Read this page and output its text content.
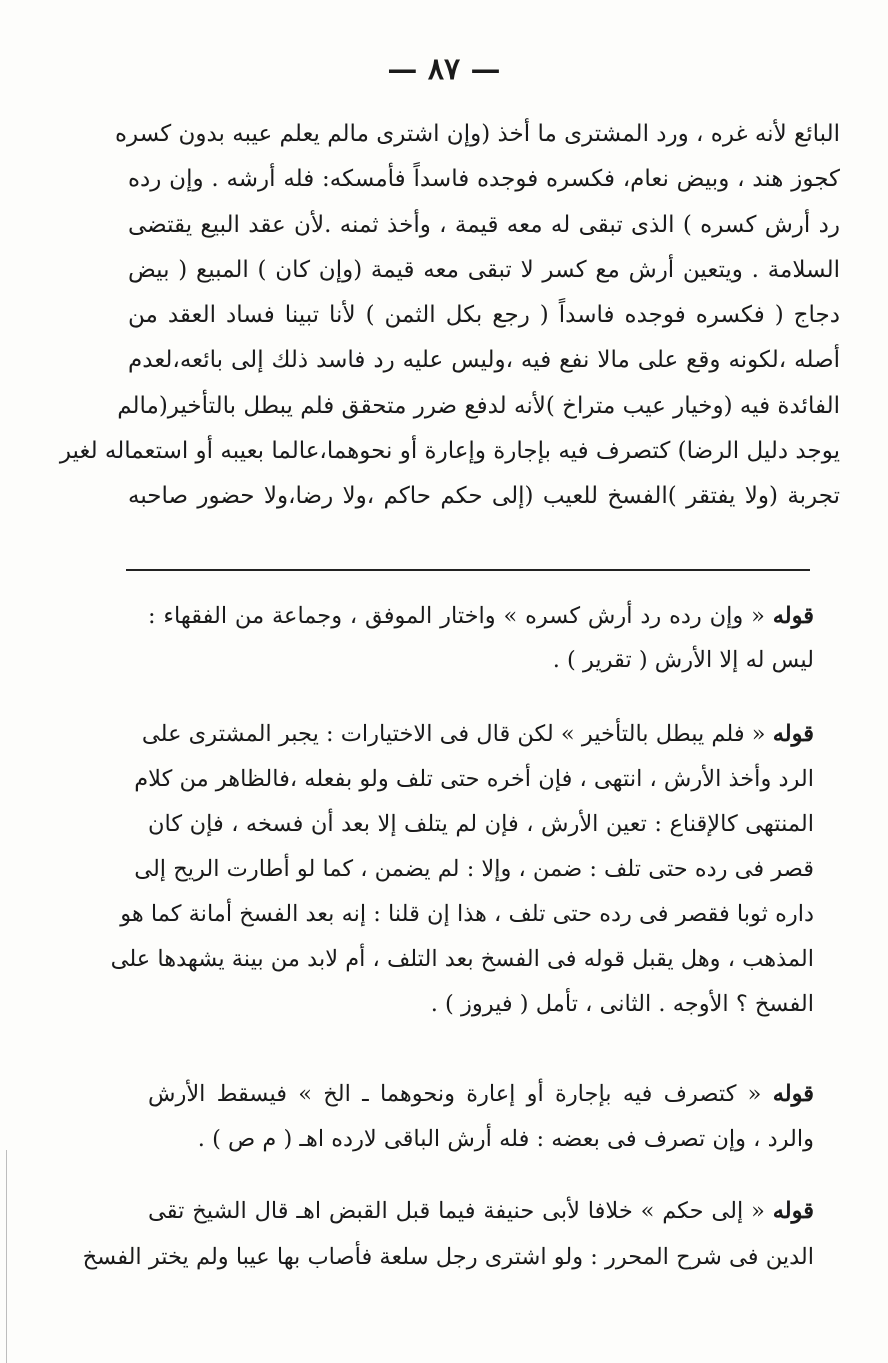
— ٨٧ —
البائع لأنه غره ، ورد المشترى ما أخذ (وإن اشترى مالم يعلم عيبه بدون كسره
كجوز هند ، وبيض نعام، فكسره فوجده فاسداً فأمسكه: فله أرشه . وإن رده
رد أرش كسره ) الذى تبقى له معه قيمة ، وأخذ ثمنه .لأن عقد البيع يقتضى
السلامة . ويتعين أرش مع كسر لا تبقى معه قيمة (وإن كان ) المبيع ( بيض
دجاج ( فكسره فوجده فاسداً ( رجع بكل الثمن ) لأنا تبينا فساد العقد من
أصله ،لكونه وقع على مالا نفع فيه ،وليس عليه رد فاسد ذلك إلى بائعه،لعدم
الفائدة فيه (وخيار عيب متراخ )لأنه لدفع ضرر متحقق فلم يبطل بالتأخير(مالم
يوجد دليل الرضا) كتصرف فيه بإجارة وإعارة أو نحوهما،عالما بعيبه أو استعماله لغير
تجربة (ولا يفتقر )الفسخ للعيب (إلى حكم حاكم ،ولا رضا،ولا حضور صاحبه
قوله « وإن رده رد أرش كسره » واختار الموفق ، وجماعة من الفقهاء :
ليس له إلا الأرش ( تقرير ) .
قوله « فلم يبطل بالتأخير » لكن قال فى الاختيارات : يجبر المشترى على
الرد وأخذ الأرش ، انتهى ، فإن أخره حتى تلف ولو بفعله ،فالظاهر من كلام
المنتهى كالإقناع : تعين الأرش ، فإن لم يتلف إلا بعد أن فسخه ، فإن كان
قصر فى رده حتى تلف : ضمن ، وإلا : لم يضمن ، كما لو أطارت الريح إلى
داره ثوبا فقصر فى رده حتى تلف ، هذا إن قلنا : إنه بعد الفسخ أمانة كما هو
المذهب ، وهل يقبل قوله فى الفسخ بعد التلف ، أم لابد من بينة يشهدها على
الفسخ ؟ الأوجه . الثانى ، تأمل ( فيروز ) .
قوله « كتصرف فيه بإجارة أو إعارة ونحوهما ـ الخ » فيسقط الأرش
والرد ، وإن تصرف فى بعضه : فله أرش الباقى لارده اهـ ( م ص ) .
قوله « إلى حكم » خلافا لأبى حنيفة فيما قبل القبض اهـ قال الشيخ تقى
الدين فى شرح المحرر : ولو اشترى رجل سلعة فأصاب بها عيبا ولم يختر الفسخ
